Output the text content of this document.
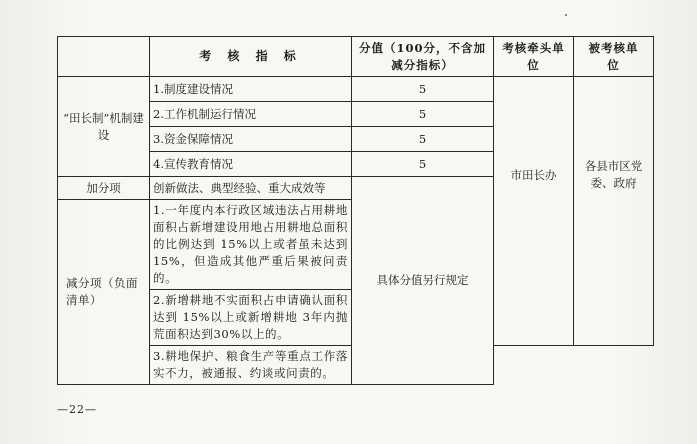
	考 核 指 标	分值（100分，不含加减分指标）	考核牵头单位	被考核单位
“田长制”机制建设	1.制度建设情况	5	市田长办	各县市区党委、政府
	2.工作机制运行情况	5		
	3.资金保障情况	5		
	4.宣传教育情况	5		
加分项	创新做法、典型经验、重大成效等	具体分值另行规定		
减分项（负面清单）	1.一年度内本行政区域违法占用耕地面积占新增建设用地占用耕地总面积的比例达到 15%以上或者虽未达到 15%，但造成其他严重后果被问责的。			
	2.新增耕地不实面积占申请确认面积达到 15%以上或新增耕地 3年内抛荒面积达到30%以上的。			
	3.耕地保护、粮食生产等重点工作落实不力，被通报、约谈或问责的。			
—22—
